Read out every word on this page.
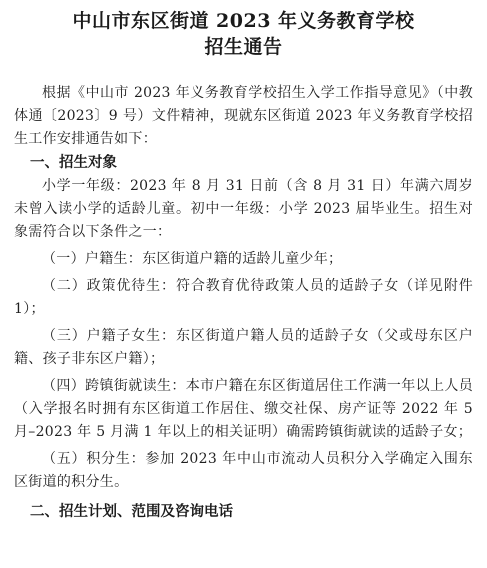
中山市东区街道 2023 年义务教育学校
招生通告

根据《中山市 2023 年义务教育学校招生入学工作指导意见》（中教体通〔2023〕9 号）文件精神，现就东区街道 2023 年义务教育学校招生工作安排通告如下：

一、招生对象

小学一年级：2023 年 8 月 31 日前（含 8 月 31 日）年满六周岁未曾入读小学的适龄儿童。初中一年级：小学 2023 届毕业生。招生对象需符合以下条件之一：

（一）户籍生：东区街道户籍的适龄儿童少年；

（二）政策优待生：符合教育优待政策人员的适龄子女（详见附件 1）；

（三）户籍子女生：东区街道户籍人员的适龄子女（父或母东区户籍、孩子非东区户籍）；

（四）跨镇街就读生：本市户籍在东区街道居住工作满一年以上人员（入学报名时拥有东区街道工作居住、缴交社保、房产证等 2022 年 5 月–2023 年 5 月满 1 年以上的相关证明）确需跨镇街就读的适龄子女；

（五）积分生：参加 2023 年中山市流动人员积分入学确定入围东区街道的积分生。

二、招生计划、范围及咨询电话
